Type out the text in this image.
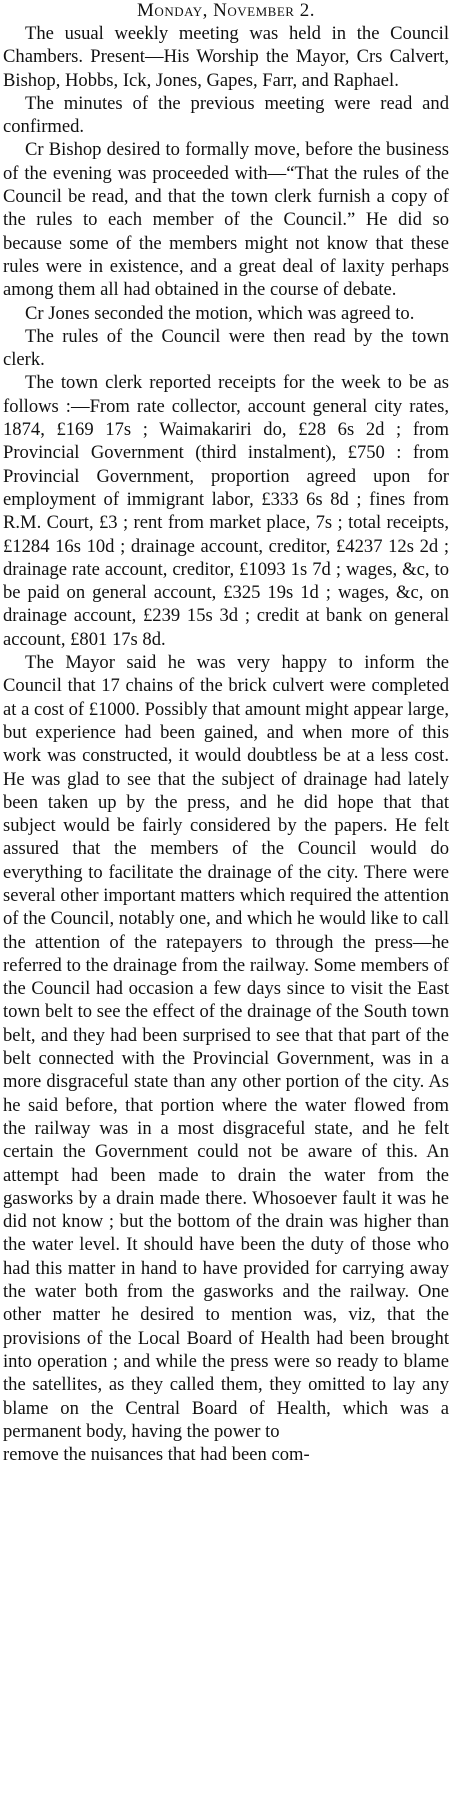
Monday, November 2.

The usual weekly meeting was held in the Council Chambers. Present—His Worship the Mayor, Crs Calvert, Bishop, Hobbs, Ick, Jones, Gapes, Farr, and Raphael.

The minutes of the previous meeting were read and confirmed.

Cr Bishop desired to formally move, before the business of the evening was proceeded with—“That the rules of the Council be read, and that the town clerk furnish a copy of the rules to each member of the Council.” He did so because some of the members might not know that these rules were in existence, and a great deal of laxity perhaps among them all had obtained in the course of debate.

Cr Jones seconded the motion, which was agreed to.

The rules of the Council were then read by the town clerk.

The town clerk reported receipts for the week to be as follows :—From rate collector, account general city rates, 1874, £169 17s ; Waimakariri do, £28 6s 2d ; from Provincial Government (third instalment), £750 : from Provincial Government, proportion agreed upon for employment of immigrant labor, £333 6s 8d ; fines from R.M. Court, £3 ; rent from market place, 7s ; total receipts, £1284 16s 10d ; drainage account, creditor, £4237 12s 2d ; drainage rate account, creditor, £1093 1s 7d ; wages, &c, to be paid on general account, £325 19s 1d ; wages, &c, on drainage account, £239 15s 3d ; credit at bank on general account, £801 17s 8d.

The Mayor said he was very happy to inform the Council that 17 chains of the brick culvert were completed at a cost of £1000. Possibly that amount might appear large, but experience had been gained, and when more of this work was constructed, it would doubtless be at a less cost. He was glad to see that the subject of drainage had lately been taken up by the press, and he did hope that that subject would be fairly considered by the papers. He felt assured that the members of the Council would do everything to facilitate the drainage of the city. There were several other important matters which required the attention of the Council, notably one, and which he would like to call the attention of the ratepayers to through the press—he referred to the drainage from the railway. Some members of the Council had occasion a few days since to visit the East town belt to see the effect of the drainage of the South town belt, and they had been surprised to see that that part of the belt connected with the Provincial Government, was in a more disgraceful state than any other portion of the city. As he said before, that portion where the water flowed from the railway was in a most disgraceful state, and he felt certain the Government could not be aware of this. An attempt had been made to drain the water from the gasworks by a drain made there. Whosoever fault it was he did not know ; but the bottom of the drain was higher than the water level. It should have been the duty of those who had this matter in hand to have provided for carrying away the water both from the gasworks and the railway. One other matter he desired to mention was, viz, that the provisions of the Local Board of Health had been brought into operation ; and while the press were so ready to blame the satellites, as they called them, they omitted to lay any blame on the Central Board of Health, which was a permanent body, having the power to

remove the nuisances that had been com-
